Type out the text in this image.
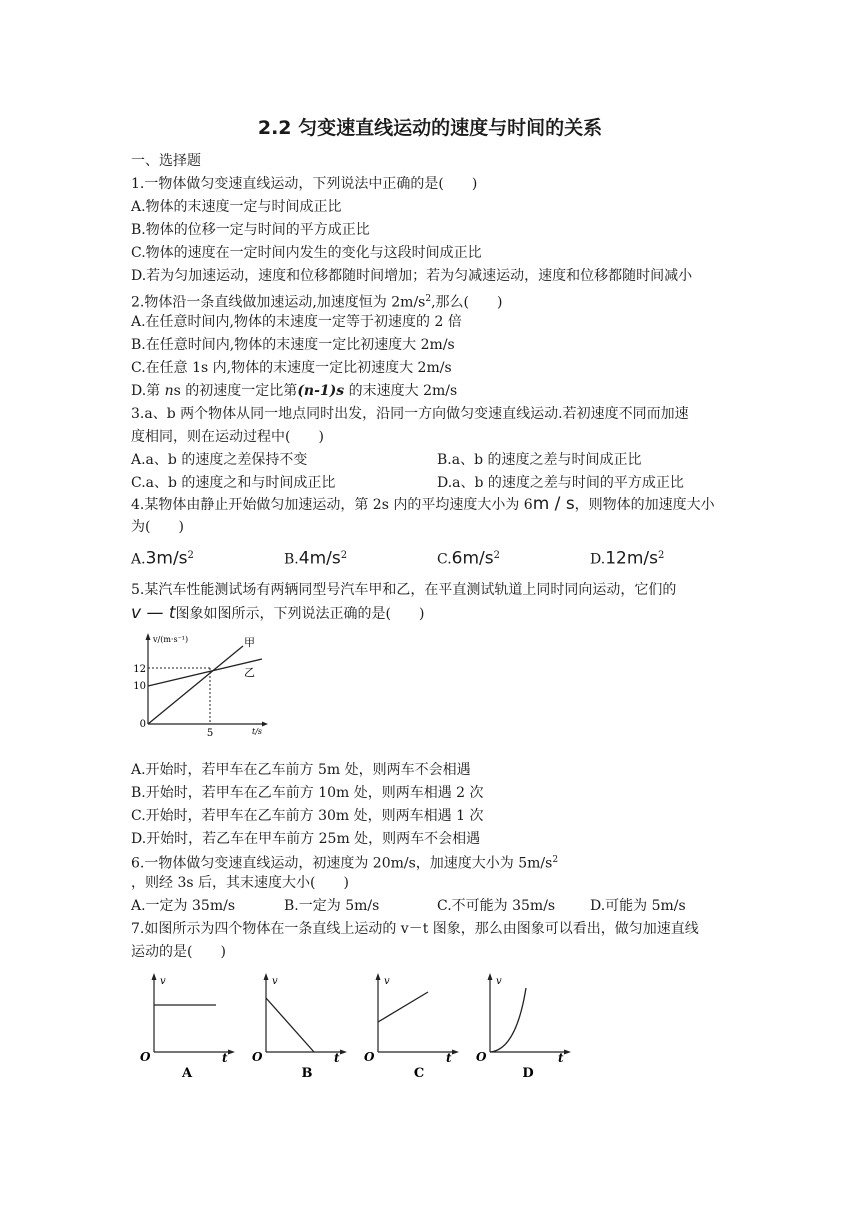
2.2 匀变速直线运动的速度与时间的关系
一、选择题
1.一物体做匀变速直线运动，下列说法中正确的是(　　)
A.物体的末速度一定与时间成正比
B.物体的位移一定与时间的平方成正比
C.物体的速度在一定时间内发生的变化与这段时间成正比
D.若为匀加速运动，速度和位移都随时间增加；若为匀减速运动，速度和位移都随时间减小
2.物体沿一条直线做加速运动,加速度恒为 $2m/s^2$,那么(　　)
A.在任意时间内,物体的末速度一定等于初速度的 2 倍
B.在任意时间内,物体的末速度一定比初速度大 2m/s
C.在任意 1s 内,物体的末速度一定比初速度大 2m/s
D.第 ns 的初速度一定比第(n-1)s 的末速度大 2m/s
3.a、b 两个物体从同一地点同时出发，沿同一方向做匀变速直线运动.若初速度不同而加速
度相同，则在运动过程中(　　)
A.a、b 的速度之差保持不变	B.a、b 的速度之差与时间成正比
C.a、b 的速度之和与时间成正比	D.a、b 的速度之差与时间的平方成正比
4.某物体由静止开始做匀加速运动，第 2s 内的平均速度大小为 6m / s，则物体的加速度大小
为(　　)
$A.3m/s^2$	$B.4m/s^2$	$C.6m/s^2$	$D.12m/s^2$
5.某汽车性能测试场有两辆同型号汽车甲和乙，在平直测试轨道上同时同向运动，它们的
v — t图象如图所示，下列说法正确的是(　　)
v/(m·s⁻¹)
12
10
0
5	t/s
甲
乙
A.开始时，若甲车在乙车前方 5m 处，则两车不会相遇
B.开始时，若甲车在乙车前方 10m 处，则两车相遇 2 次
C.开始时，若甲车在乙车前方 30m 处，则两车相遇 1 次
D.开始时，若乙车在甲车前方 25m 处，则两车不会相遇
6.一物体做匀变速直线运动，初速度为 20m/s，加速度大小为 $5m/s^2$
，则经 3s 后，其末速度大小(　　)
A.一定为 35m/s	B.一定为 5m/s	C.不可能为 35m/s D.可能为 5m/s
7.如图所示为四个物体在一条直线上运动的 v－t 图象，那么由图象可以看出，做匀加速直线
运动的是(　　)
v
O	t
A
v
O	t
B
v
O	t
C
v
O	t
D
